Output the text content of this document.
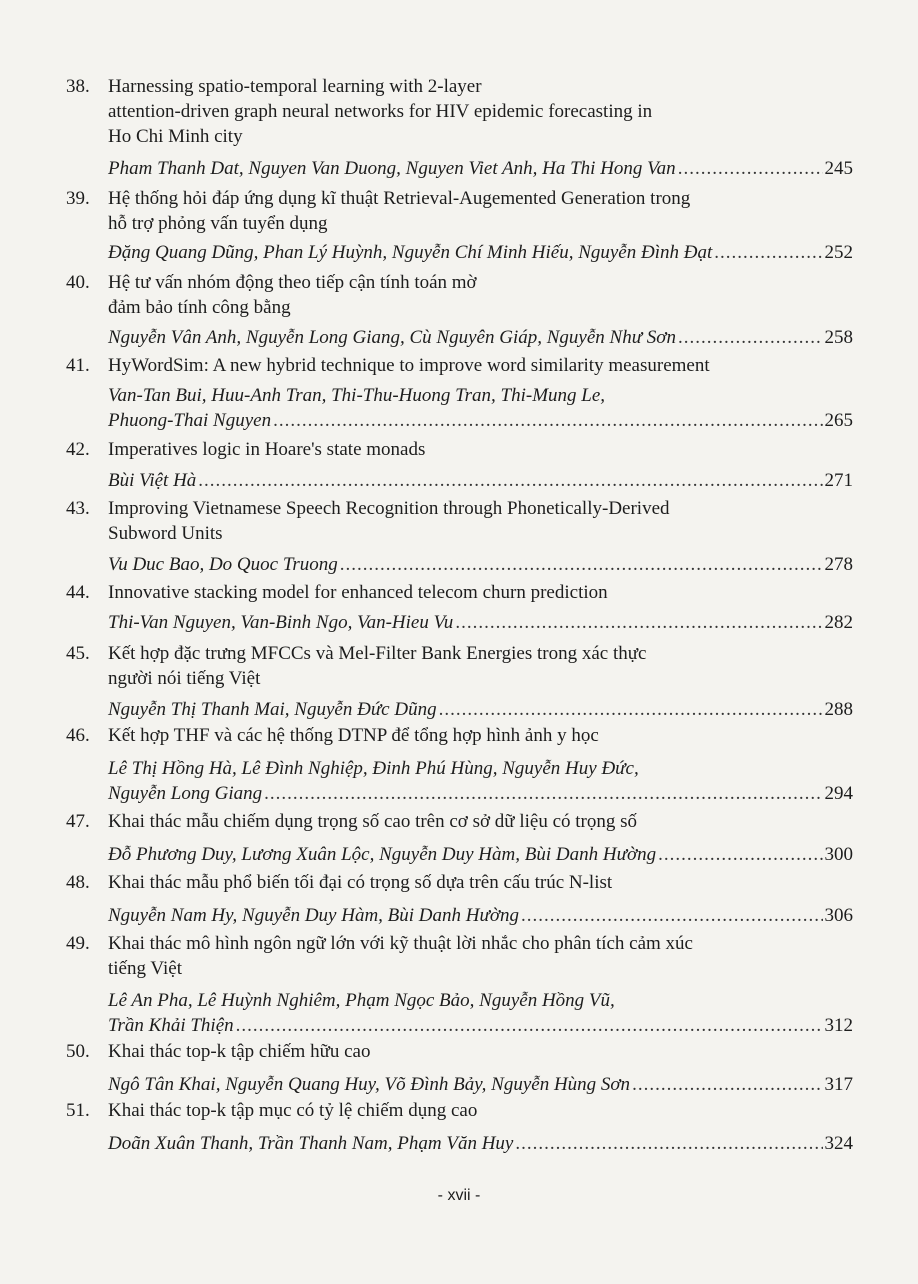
38. Harnessing spatio-temporal learning with 2-layer
attention-driven graph neural networks for HIV epidemic forecasting in
Ho Chi Minh city
Pham Thanh Dat, Nguyen Van Duong, Nguyen Viet Anh, Ha Thi Hong Van .....	245
39. Hệ thống hỏi đáp ứng dụng kĩ thuật Retrieval-Augemented Generation trong
hỗ trợ phỏng vấn tuyển dụng
Đặng Quang Dũng, Phan Lý Huỳnh, Nguyễn Chí Minh Hiếu, Nguyễn Đình Đạt .....	252
40. Hệ tư vấn nhóm động theo tiếp cận tính toán mờ
đảm bảo tính công bằng
Nguyễn Vân Anh, Nguyễn Long Giang, Cù Nguyên Giáp, Nguyễn Như Sơn .....	258
41. HyWordSim: A new hybrid technique to improve word similarity measurement
Van-Tan Bui, Huu-Anh Tran, Thi-Thu-Huong Tran, Thi-Mung Le,
Phuong-Thai Nguyen .....	265
42. Imperatives logic in Hoare's state monads
Bùi Việt Hà .....	271
43. Improving Vietnamese Speech Recognition through Phonetically-Derived
Subword Units
Vu Duc Bao, Do Quoc Truong .....	278
44. Innovative stacking model for enhanced telecom churn prediction
Thi-Van Nguyen, Van-Binh Ngo, Van-Hieu Vu .....	282
45. Kết hợp đặc trưng MFCCs và Mel-Filter Bank Energies trong xác thực
người nói tiếng Việt
Nguyễn Thị Thanh Mai, Nguyễn Đức Dũng .....	288
46. Kết hợp THF và các hệ thống DTNP để tổng hợp hình ảnh y học
Lê Thị Hồng Hà, Lê Đình Nghiệp, Đinh Phú Hùng, Nguyễn Huy Đức,
Nguyễn Long Giang .....	294
47. Khai thác mẫu chiếm dụng trọng số cao trên cơ sở dữ liệu có trọng số
Đỗ Phương Duy, Lương Xuân Lộc, Nguyễn Duy Hàm, Bùi Danh Hường .....	300
48. Khai thác mẫu phổ biến tối đại có trọng số dựa trên cấu trúc N-list
Nguyễn Nam Hy, Nguyễn Duy Hàm, Bùi Danh Hường .....	306
49. Khai thác mô hình ngôn ngữ lớn với kỹ thuật lời nhắc cho phân tích cảm xúc
tiếng Việt
Lê An Pha, Lê Huỳnh Nghiêm, Phạm Ngọc Bảo, Nguyễn Hồng Vũ,
Trần Khải Thiện .....	312
50. Khai thác top-k tập chiếm hữu cao
Ngô Tân Khai, Nguyễn Quang Huy, Võ Đình Bảy, Nguyễn Hùng Sơn .....	317
51. Khai thác top-k tập mục có tỷ lệ chiếm dụng cao
Doãn Xuân Thanh, Trần Thanh Nam, Phạm Văn Huy .....	324
- xvii -
